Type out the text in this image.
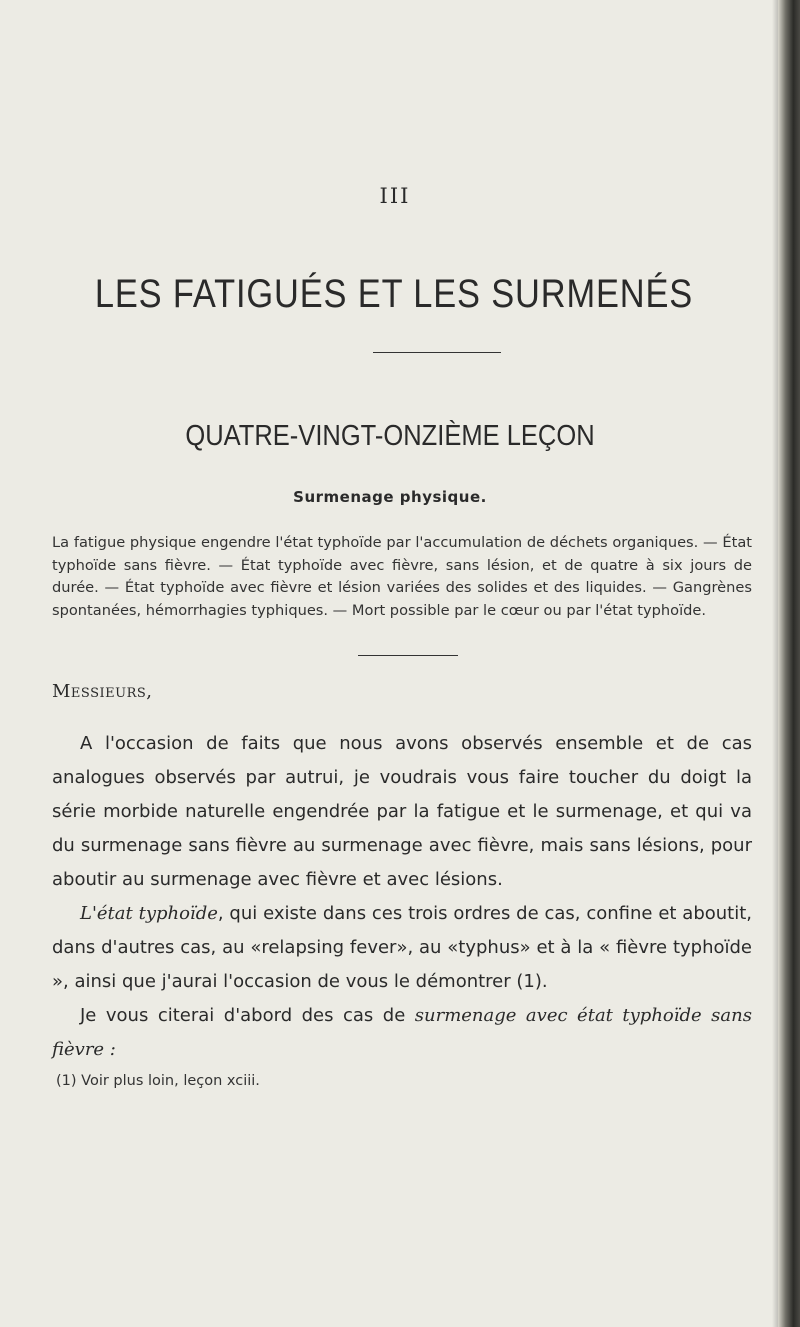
III
LES FATIGUÉS ET LES SURMENÉS
QUATRE-VINGT-ONZIÈME LEÇON
Surmenage physique.
La fatigue physique engendre l'état typhoïde par l'accumulation de déchets organiques. — État typhoïde sans fièvre. — État typhoïde avec fièvre, sans lésion, et de quatre à six jours de durée. — État typhoïde avec fièvre et lésion variées des solides et des liquides. — Gangrènes spontanées, hémorrhagies typhiques. — Mort possible par le cœur ou par l'état typhoïde.
Messieurs,

A l'occasion de faits que nous avons observés ensemble et de cas analogues observés par autrui, je voudrais vous faire toucher du doigt la série morbide naturelle engendrée par la fatigue et le surmenage, et qui va du surmenage sans fièvre au surmenage avec fièvre, mais sans lésions, pour aboutir au surmenage avec fièvre et avec lésions.

L'état typhoïde, qui existe dans ces trois ordres de cas, confine et aboutit, dans d'autres cas, au «relapsing fever», au «typhus» et à la « fièvre typhoïde », ainsi que j'aurai l'occasion de vous le démontrer (1).

Je vous citerai d'abord des cas de surmenage avec état typhoïde sans fièvre :

(1) Voir plus loin, leçon xciii.
